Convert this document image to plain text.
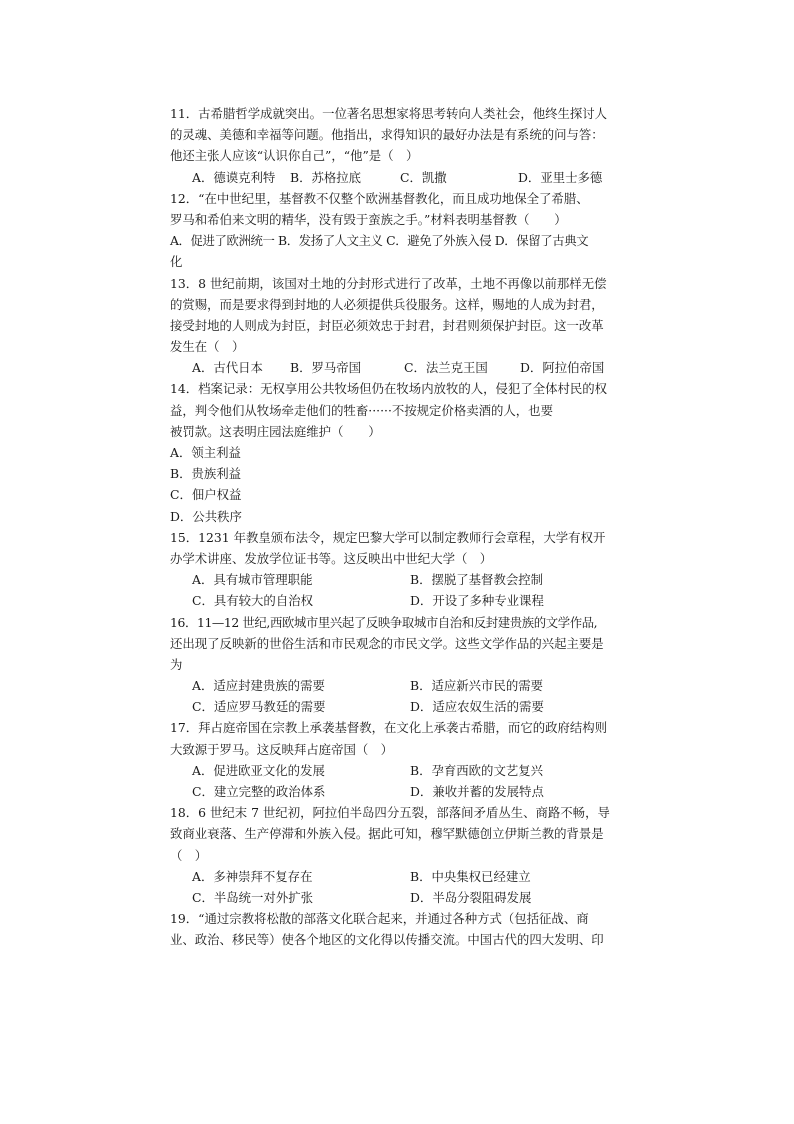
11．古希腊哲学成就突出。一位著名思想家将思考转向人类社会，他终生探讨人
的灵魂、美德和幸福等问题。他指出，求得知识的最好办法是有系统的问与答：
他还主张人应该“认识你自己”，“他”是（　）
A．德谟克利特	B．苏格拉底	C．凯撒	D．亚里士多德
12．“在中世纪里，基督教不仅整个欧洲基督教化，而且成功地保全了希腊、
罗马和希伯来文明的精华，没有毁于蛮族之手。”材料表明基督教（　　）
A．促进了欧洲统一 B．发扬了人文主义 C．避免了外族入侵 D．保留了古典文
化
13．8 世纪前期，该国对土地的分封形式进行了改革，土地不再像以前那样无偿
的赏赐，而是要求得到封地的人必须提供兵役服务。这样，赐地的人成为封君，
接受封地的人则成为封臣，封臣必须效忠于封君，封君则须保护封臣。这一改革
发生在（　）
A．古代日本	B．罗马帝国	C．法兰克王国	D．阿拉伯帝国
14．档案记录：无权享用公共牧场但仍在牧场内放牧的人，侵犯了全体村民的权
益，判令他们从牧场牵走他们的牲畜······不按规定价格卖酒的人，也要
被罚款。这表明庄园法庭维护（　　）
A．领主利益
B．贵族利益
C．佃户权益
D．公共秩序
15．1231 年教皇颁布法令，规定巴黎大学可以制定教师行会章程，大学有权开
办学术讲座、发放学位证书等。这反映出中世纪大学（　）
A．具有城市管理职能	B．摆脱了基督教会控制
C．具有较大的自治权	D．开设了多种专业课程
16．11—12 世纪,西欧城市里兴起了反映争取城市自治和反封建贵族的文学作品,
还出现了反映新的世俗生活和市民观念的市民文学。这些文学作品的兴起主要是
为
A．适应封建贵族的需要	B．适应新兴市民的需要
C．适应罗马教廷的需要	D．适应农奴生活的需要
17．拜占庭帝国在宗教上承袭基督教，在文化上承袭古希腊，而它的政府结构则
大致源于罗马。这反映拜占庭帝国（　）
A．促进欧亚文化的发展	B．孕育西欧的文艺复兴
C．建立完整的政治体系	D．兼收并蓄的发展特点
18．6 世纪末 7 世纪初，阿拉伯半岛四分五裂，部落间矛盾丛生、商路不畅，导
致商业衰落、生产停滞和外族入侵。据此可知，穆罕默德创立伊斯兰教的背景是
（　）
A．多神崇拜不复存在	B．中央集权已经建立
C．半岛统一对外扩张	D．半岛分裂阻碍发展
19．“通过宗教将松散的部落文化联合起来，并通过各种方式（包括征战、商
业、政治、移民等）使各个地区的文化得以传播交流。中国古代的四大发明、印
